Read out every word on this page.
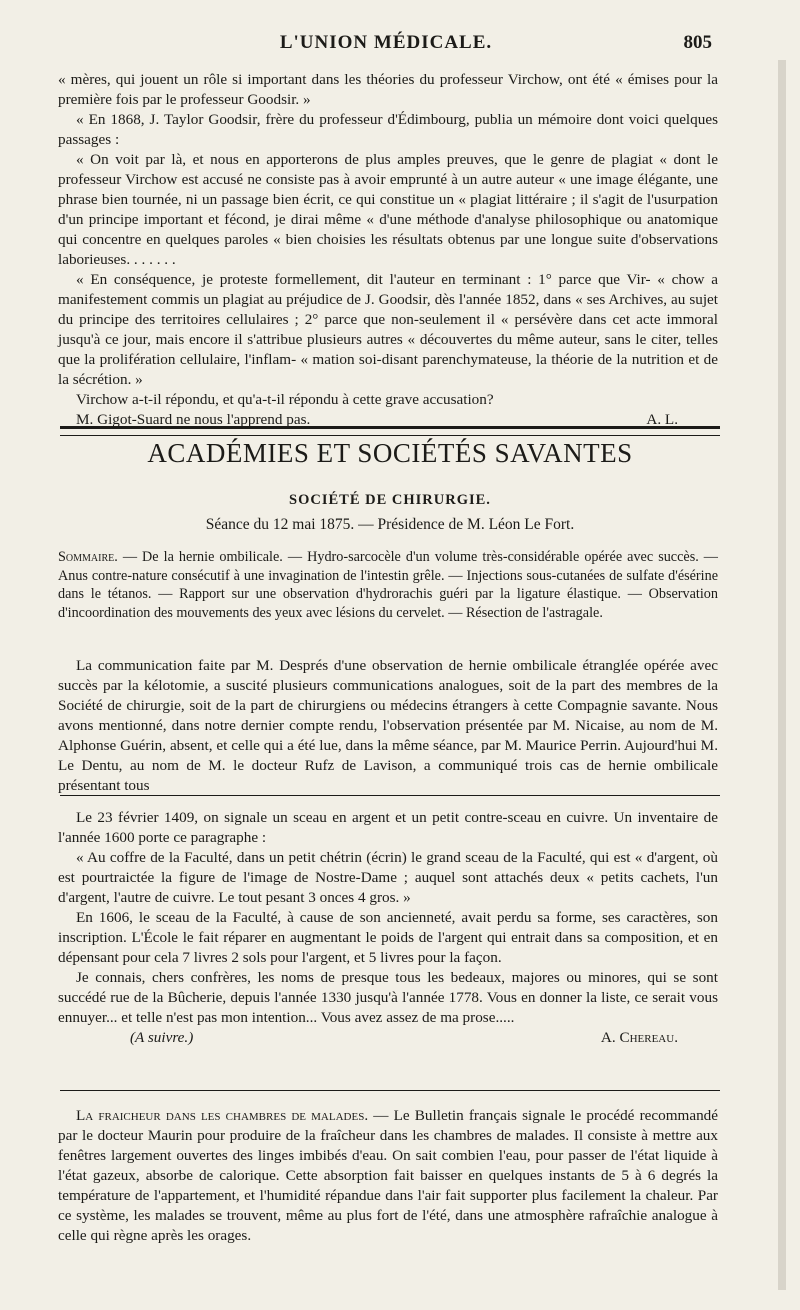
L'UNION MÉDICALE.	805

« mères, qui jouent un rôle si important dans les théories du professeur Virchow, ont été « émises pour la première fois par le professeur Goodsir. »

« En 1868, J. Taylor Goodsir, frère du professeur d'Édimbourg, publia un mémoire dont voici quelques passages :

« On voit par là, et nous en apporterons de plus amples preuves, que le genre de plagiat « dont le professeur Virchow est accusé ne consiste pas à avoir emprunté à un autre auteur « une image élégante, une phrase bien tournée, ni un passage bien écrit, ce qui constitue un « plagiat littéraire ; il s'agit de l'usurpation d'un principe important et fécond, je dirai même « d'une méthode d'analyse philosophique ou anatomique qui concentre en quelques paroles « bien choisies les résultats obtenus par une longue suite d'observations laborieuses. . . . . . .

« En conséquence, je proteste formellement, dit l'auteur en terminant : 1° parce que Vir- « chow a manifestement commis un plagiat au préjudice de J. Goodsir, dès l'année 1852, dans « ses Archives, au sujet du principe des territoires cellulaires ; 2° parce que non-seulement il « persévère dans cet acte immoral jusqu'à ce jour, mais encore il s'attribue plusieurs autres « découvertes du même auteur, sans le citer, telles que la prolifération cellulaire, l'inflam- « mation soi-disant parenchymateuse, la théorie de la nutrition et de la sécrétion. »

Virchow a-t-il répondu, et qu'a-t-il répondu à cette grave accusation?

M. Gigot-Suard ne nous l'apprend pas.	A. L.
ACADÉMIES ET SOCIÉTÉS SAVANTES
SOCIÉTÉ DE CHIRURGIE.
Séance du 12 mai 1875. — Présidence de M. Léon Le Fort.

Sommaire. — De la hernie ombilicale. — Hydro-sarcocèle d'un volume très-considérable opérée avec succès. — Anus contre-nature consécutif à une invagination de l'intestin grêle. — Injections sous-cutanées de sulfate d'ésérine dans le tétanos. — Rapport sur une observation d'hydrorachis guéri par la ligature élastique. — Observation d'incoordination des mouvements des yeux avec lésions du cervelet. — Résection de l'astragale.

La communication faite par M. Després d'une observation de hernie ombilicale étranglée opérée avec succès par la kélotomie, a suscité plusieurs communications analogues, soit de la part des membres de la Société de chirurgie, soit de la part de chirurgiens ou médecins étrangers à cette Compagnie savante. Nous avons mentionné, dans notre dernier compte rendu, l'observation présentée par M. Nicaise, au nom de M. Alphonse Guérin, absent, et celle qui a été lue, dans la même séance, par M. Maurice Perrin. Aujourd'hui M. Le Dentu, au nom de M. le docteur Rufz de Lavison, a communiqué trois cas de hernie ombilicale présentant tous

Le 23 février 1409, on signale un sceau en argent et un petit contre-sceau en cuivre. Un inventaire de l'année 1600 porte ce paragraphe :

« Au coffre de la Faculté, dans un petit chétrin (écrin) le grand sceau de la Faculté, qui est « d'argent, où est pourtraictée la figure de l'image de Nostre-Dame ; auquel sont attachés deux « petits cachets, l'un d'argent, l'autre de cuivre. Le tout pesant 3 onces 4 gros. »

En 1606, le sceau de la Faculté, à cause de son ancienneté, avait perdu sa forme, ses caractères, son inscription. L'École le fait réparer en augmentant le poids de l'argent qui entrait dans sa composition, et en dépensant pour cela 7 livres 2 sols pour l'argent, et 5 livres pour la façon.

Je connais, chers confrères, les noms de presque tous les bedeaux, majores ou minores, qui se sont succédé rue de la Bûcherie, depuis l'année 1330 jusqu'à l'année 1778. Vous en donner la liste, ce serait vous ennuyer... et telle n'est pas mon intention... Vous avez assez de ma prose.....

(A suivre.)	A. Chereau.

La fraicheur dans les chambres de malades. — Le Bulletin français signale le procédé recommandé par le docteur Maurin pour produire de la fraîcheur dans les chambres de malades. Il consiste à mettre aux fenêtres largement ouvertes des linges imbibés d'eau. On sait combien l'eau, pour passer de l'état liquide à l'état gazeux, absorbe de calorique. Cette absorption fait baisser en quelques instants de 5 à 6 degrés la température de l'appartement, et l'humidité répandue dans l'air fait supporter plus facilement la chaleur. Par ce système, les malades se trouvent, même au plus fort de l'été, dans une atmosphère rafraîchie analogue à celle qui règne après les orages.
